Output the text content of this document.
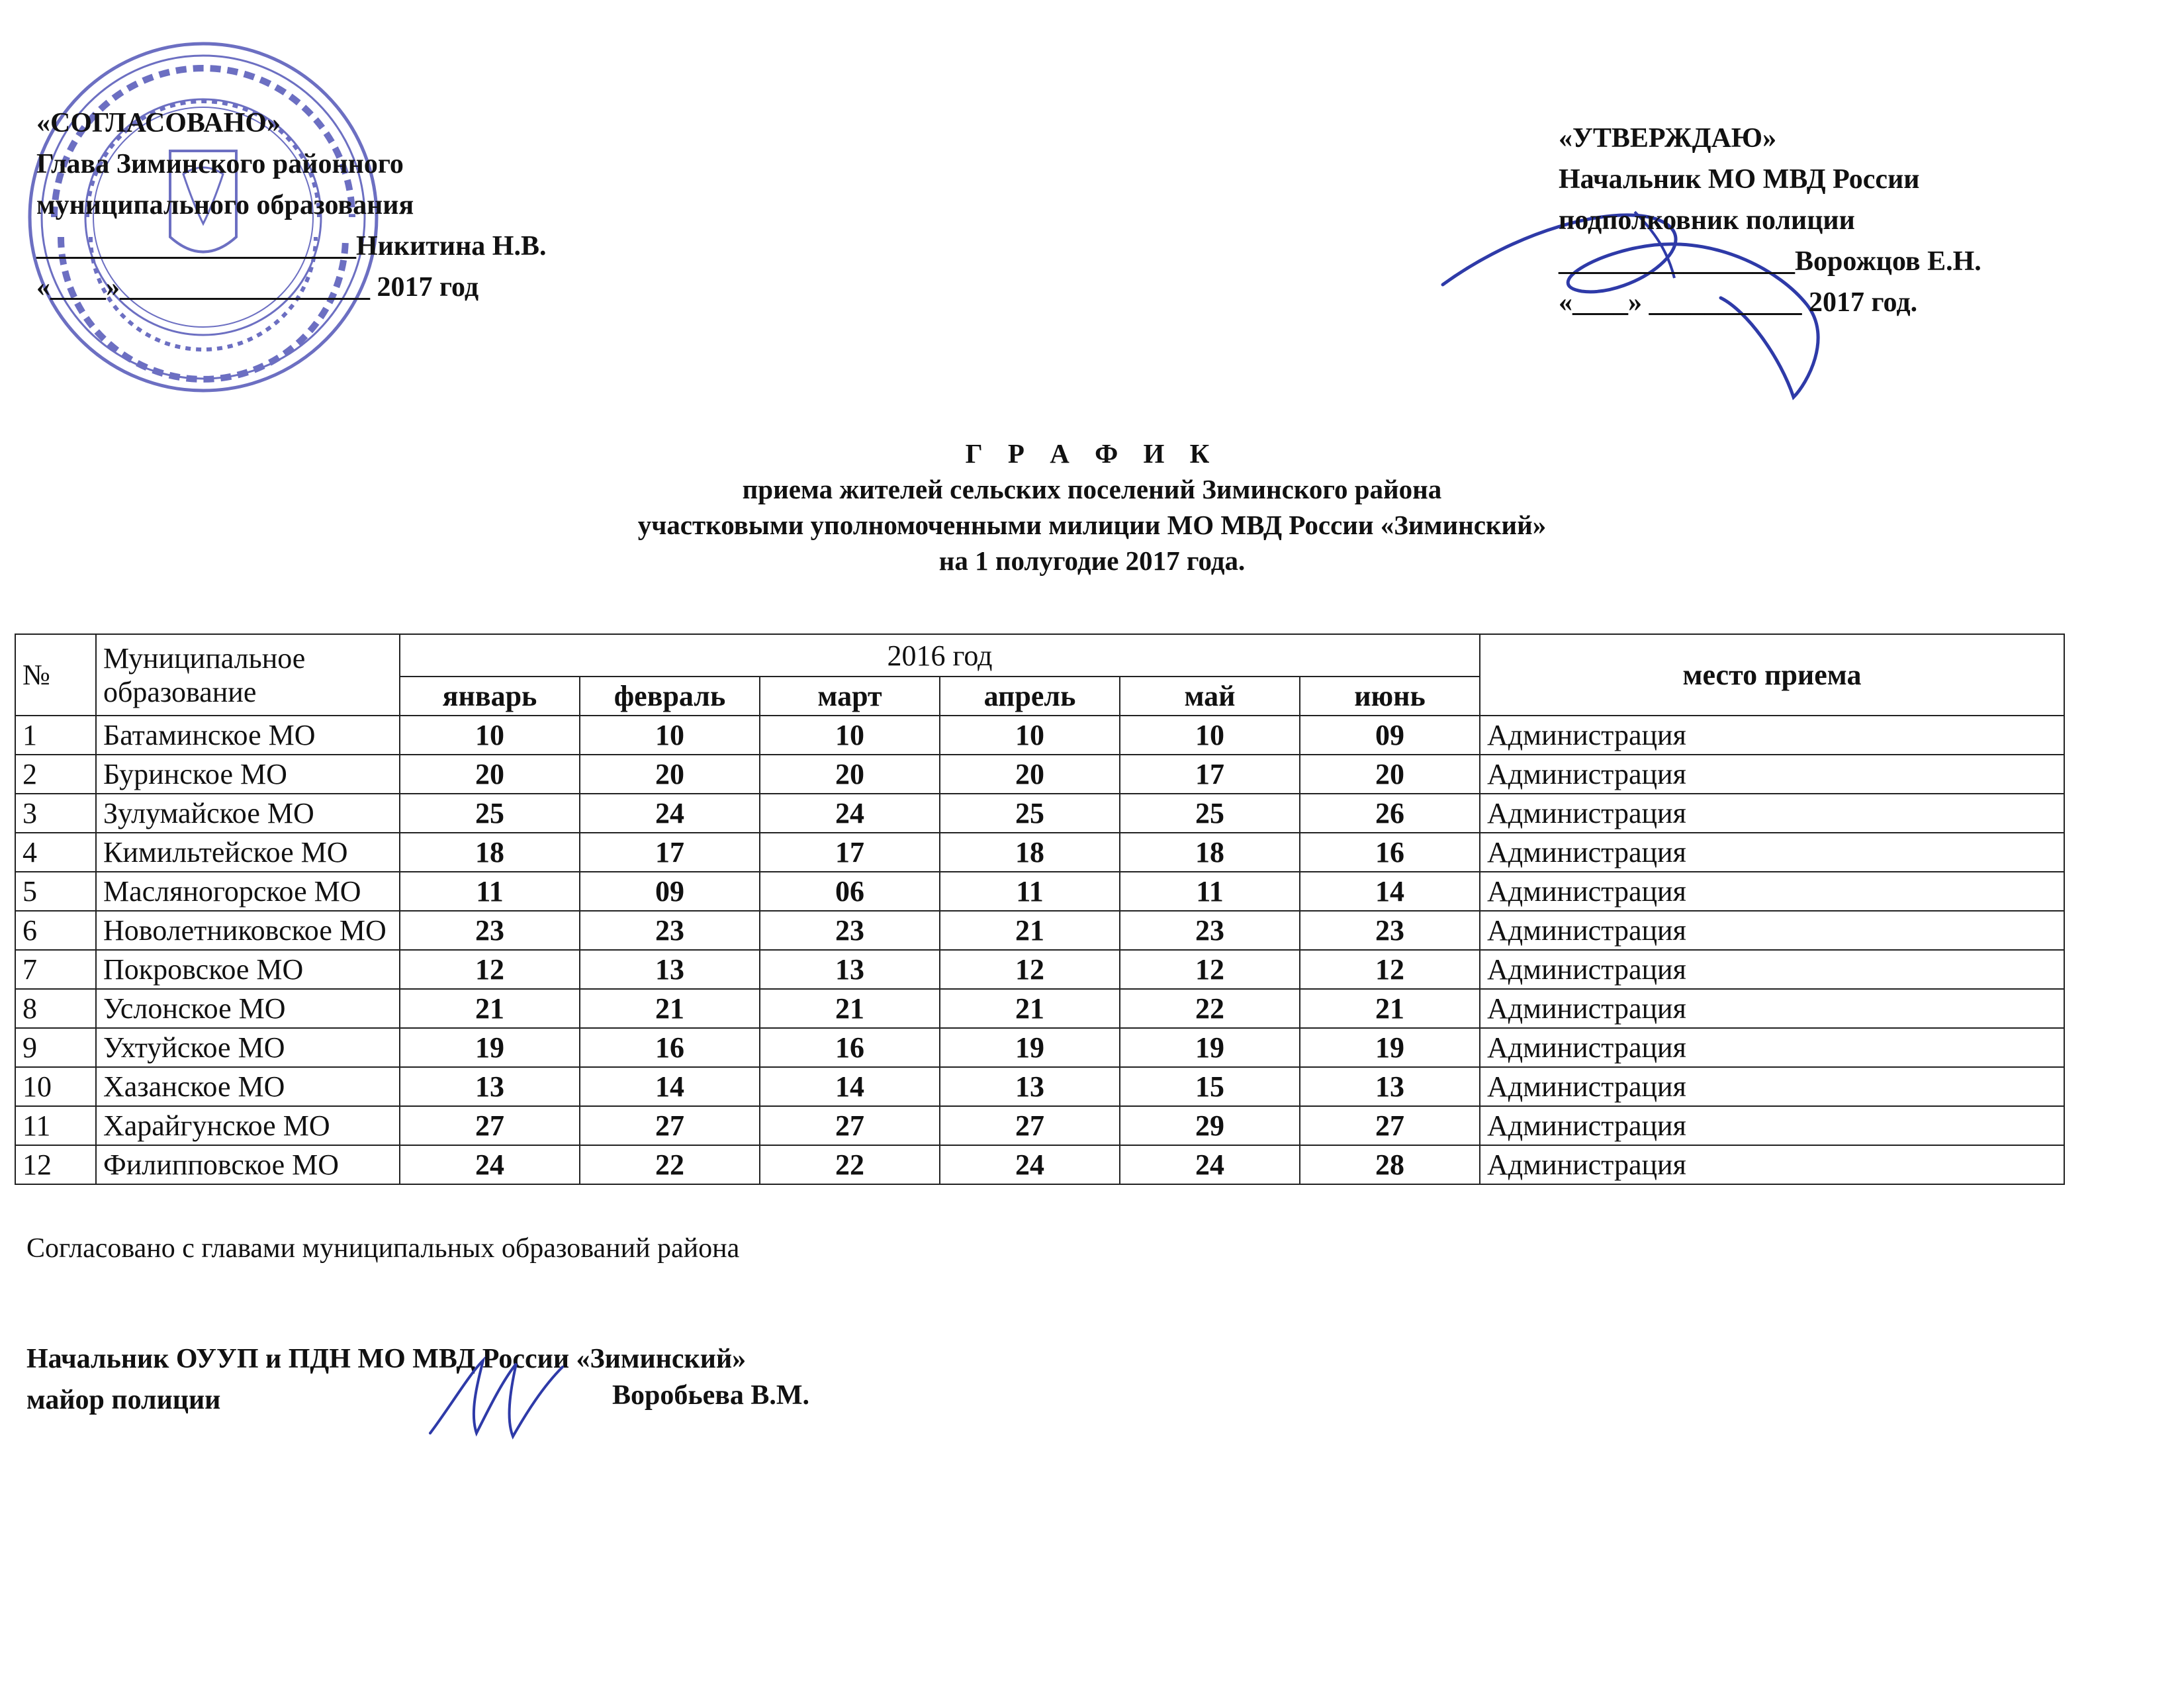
«СОГЛАСОВАНО»
Глава Зиминского районного
муниципального образования
_______________________Никитина Н.В.
«____»__________________ 2017 год
«УТВЕРЖДАЮ»
Начальник МО МВД России
подполковник полиции
_________________Ворожцов Е.Н.
«____» ___________ 2017 год.
Г Р А Ф И К
приема жителей сельских поселений Зиминского района
участковыми уполномоченными милиции МО МВД России «Зиминский»
на 1 полугодие 2017 года.
№	Муниципальное образование	2016 год						место приема
		январь	февраль	март	апрель	май	июнь	
1	Батаминское МО	10	10	10	10	10	09	Администрация
2	Буринское МО	20	20	20	20	17	20	Администрация
3	Зулумайское МО	25	24	24	25	25	26	Администрация
4	Кимильтейское МО	18	17	17	18	18	16	Администрация
5	Масляногорское МО	11	09	06	11	11	14	Администрация
6	Новолетниковское МО	23	23	23	21	23	23	Администрация
7	Покровское МО	12	13	13	12	12	12	Администрация
8	Услонское МО	21	21	21	21	22	21	Администрация
9	Ухтуйское МО	19	16	16	19	19	19	Администрация
10	Хазанское МО	13	14	14	13	15	13	Администрация
11	Харайгунское МО	27	27	27	27	29	27	Администрация
12	Филипповское МО	24	22	22	24	24	28	Администрация
Согласовано с главами муниципальных образований района
Начальник ОУУП и ПДН МО МВД России «Зиминский»
майор полиции	Воробьева В.М.
